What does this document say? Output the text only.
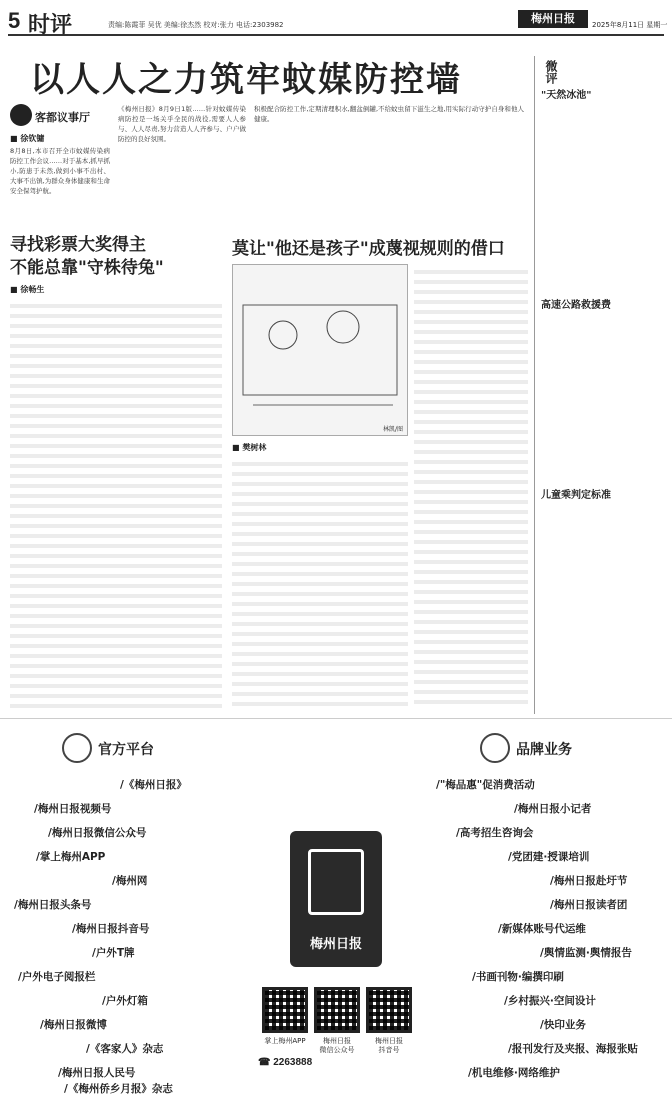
5 时评	责编:陈霞菲 吴优 美编:徐杰然 校对:张力 电话:2303982	梅州日报	2025年8月11日 星期一
以人人之力筑牢蚊媒防控墙
客都议事厅
■ 徐钦镛
8月8日,本市召开全市蚊媒传染病防控工作会议……对于基本,抓早抓小,防患于未然,做到小事不出村、大事不出镇,为群众身体健康和生命安全保驾护航。
《梅州日报》8月9日1版……针对蚊媒传染病防控是一场关乎全民的战役,需要人人参与、人人尽责,努力营造人人齐参与、户户做防控的良好氛围。
积极配合防控工作,定期清理积水,翻盆倒罐,不给蚊虫留下滋生之地,用实际行动守护自身和他人健康。
寻找彩票大奖得主
不能总靠"守株待兔"
■ 徐畅生
莫让"他还是孩子"成蔑视规则的借口
林凯/图
■ 樊树林
微评
"天然冰池"
高速公路救援费
儿童乘判定标准
官方平台	品牌业务
/《梅州日报》
/梅州日报视频号
/梅州日报微信公众号
/掌上梅州APP
/梅州网
/梅州日报头条号
/梅州日报抖音号
/户外T牌
/户外电子阅报栏
/户外灯箱
/梅州日报微博
/《客家人》杂志
/梅州日报人民号
/《梅州侨乡月报》杂志
/"梅品惠"促消费活动
/梅州日报小记者
/高考招生咨询会
/党团建·授课培训
/梅州日报赴圩节
/梅州日报读者团
/新媒体账号代运维
/舆情监测·舆情报告
/书画刊物·编撰印刷
/乡村振兴·空间设计
/快印业务
/报刊发行及夹报、海报张贴
/机电维修·网络维护
梅州日报
掌上梅州APP	梅州日报
微信公众号
梅州日报
抖音号
☎ 2263888
